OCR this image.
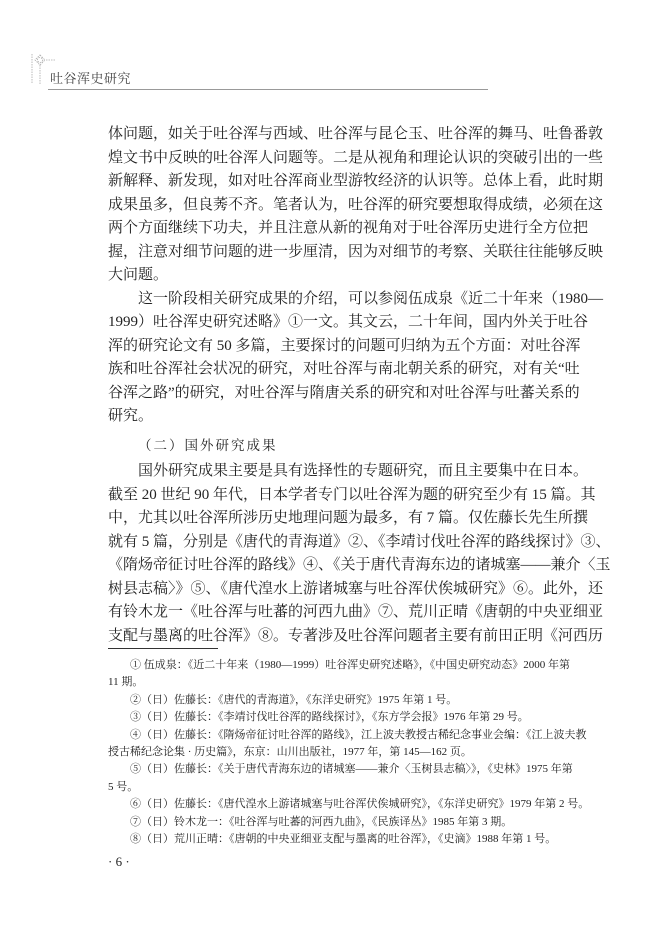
吐谷浑史研究
体问题，如关于吐谷浑与西域、吐谷浑与昆仑玉、吐谷浑的舞马、吐鲁番敦
煌文书中反映的吐谷浑人问题等。二是从视角和理论认识的突破引出的一些
新解释、新发现，如对吐谷浑商业型游牧经济的认识等。总体上看，此时期
成果虽多，但良莠不齐。笔者认为，吐谷浑的研究要想取得成绩，必须在这
两个方面继续下功夫，并且注意从新的视角对于吐谷浑历史进行全方位把
握，注意对细节问题的进一步厘清，因为对细节的考察、关联往往能够反映
大问题。
这一阶段相关研究成果的介绍，可以参阅伍成泉《近二十年来（1980—
1999）吐谷浑史研究述略》①一文。其文云，二十年间，国内外关于吐谷
浑的研究论文有 50 多篇，主要探讨的问题可归纳为五个方面：对吐谷浑
族和吐谷浑社会状况的研究，对吐谷浑与南北朝关系的研究，对有关“吐
谷浑之路”的研究，对吐谷浑与隋唐关系的研究和对吐谷浑与吐蕃关系的
研究。
（二）国外研究成果
国外研究成果主要是具有选择性的专题研究，而且主要集中在日本。
截至 20 世纪 90 年代，日本学者专门以吐谷浑为题的研究至少有 15 篇。其
中，尤其以吐谷浑所涉历史地理问题为最多，有 7 篇。仅佐藤长先生所撰
就有 5 篇，分别是《唐代的青海道》②、《李靖讨伐吐谷浑的路线探讨》③、
《隋炀帝征讨吐谷浑的路线》④、《关于唐代青海东边的诸城塞——兼介〈玉
树县志稿〉》⑤、《唐代湟水上游诸城塞与吐谷浑伏俟城研究》⑥。此外，还
有铃木龙一《吐谷浑与吐蕃的河西九曲》⑦、荒川正晴《唐朝的中央亚细亚
支配与墨离的吐谷浑》⑧。专著涉及吐谷浑问题者主要有前田正明《河西历
① 伍成泉：《近二十年来（1980—1999）吐谷浑史研究述略》，《中国史研究动态》2000 年第
11 期。
②（日）佐藤长：《唐代的青海道》，《东洋史研究》1975 年第 1 号。
③（日）佐藤长：《李靖讨伐吐谷浑的路线探讨》，《东方学会报》1976 年第 29 号。
④（日）佐藤长：《隋炀帝征讨吐谷浑的路线》，江上波夫教授古稀纪念事业会编：《江上波夫教
授古稀纪念论集 · 历史篇》，东京：山川出版社，1977 年，第 145—162 页。
⑤（日）佐藤长：《关于唐代青海东边的诸城塞——兼介〈玉树县志稿〉》，《史林》1975 年第
5 号。
⑥（日）佐藤长：《唐代湟水上游诸城塞与吐谷浑伏俟城研究》，《东洋史研究》1979 年第 2 号。
⑦（日）铃木龙一：《吐谷浑与吐蕃的河西九曲》，《民族译丛》1985 年第 3 期。
⑧（日）荒川正晴：《唐朝的中央亚细亚支配与墨离的吐谷浑》，《史滴》1988 年第 1 号。
· 6 ·
